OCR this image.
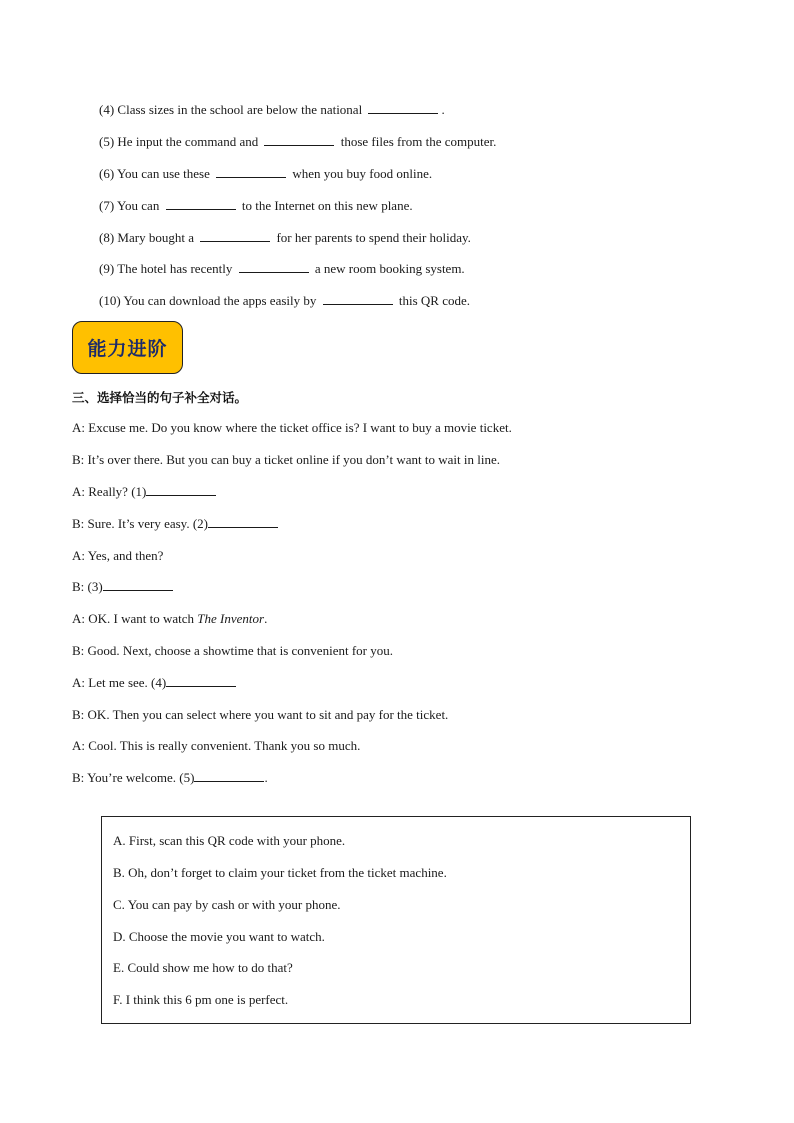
(4) Class sizes in the school are below the national	.
(5) He input the command and	those files from the computer.
(6) You can use these	when you buy food online.
(7) You can	to the Internet on this new plane.
(8) Mary bought a	for her parents to spend their holiday.
(9) The hotel has recently	a new room booking system.
(10) You can download the apps easily by	this QR code.
能力进阶
三、选择恰当的句子补全对话。
A: Excuse me. Do you know where the ticket office is? I want to buy a movie ticket.
B: It’s over there. But you can buy a ticket online if you don’t want to wait in line.
A: Really? (1)
B: Sure. It’s very easy. (2)
A: Yes, and then?
B: (3)
A: OK. I want to watch The Inventor.
B: Good. Next, choose a showtime that is convenient for you.
A: Let me see. (4)
B: OK. Then you can select where you want to sit and pay for the ticket.
A: Cool. This is really convenient. Thank you so much.
B: You’re welcome. (5)	.
A. First, scan this QR code with your phone.
B. Oh, don’t forget to claim your ticket from the ticket machine.
C. You can pay by cash or with your phone.
D. Choose the movie you want to watch.
E. Could show me how to do that?
F. I think this 6 pm one is perfect.
